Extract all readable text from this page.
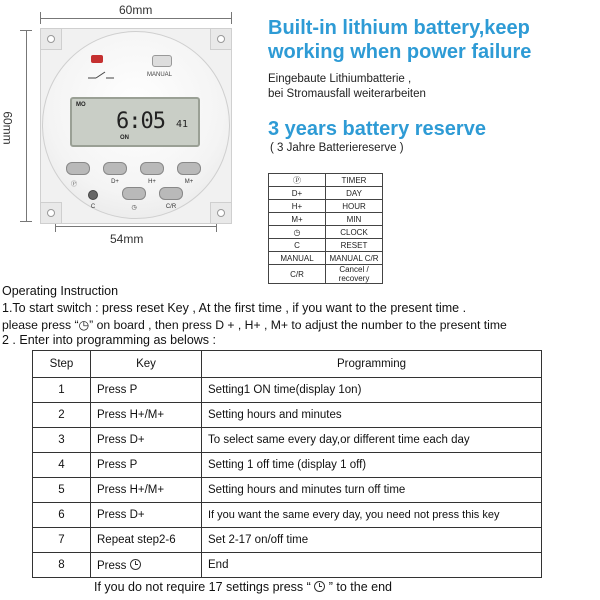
60mm
60mm
54mm
MANUAL
MO
6:05 41
ON
Ⓟ	D+	H+	M+
C	◷	C/R
Built-in lithium battery,keep
working when power failure
Eingebaute Lithiumbatterie ,
bei Stromausfall weiterarbeiten
3 years battery reserve
( 3 Jahre Batteriereserve )
Ⓟ	TIMER
D+	DAY
H+	HOUR
M+	MIN
◷	CLOCK
C	RESET
MANUAL	MANUAL C/R
C/R	Cancel / recovery
Operating Instruction
1.To start switch : press reset Key , At the first time , if you want to the present time .
please press “◷” on board , then press D + , H+ , M+ to adjust the number to the present time
2 . Enter into programming as belows :
Step	Key	Programming
1	Press P	Setting1 ON time(display 1on)
2	Press H+/M+	Setting hours and minutes
3	Press D+	To select same every day,or different time each day
4	Press P	Setting 1 off time (display 1 off)
5	Press H+/M+	Setting hours and minutes turn off time
6	Press D+	If you want the same every day, you need not press this key
7	Repeat step2-6	Set 2-17 on/off time
8	Press	End
If you do not require 17 settings press “ ” to the end
